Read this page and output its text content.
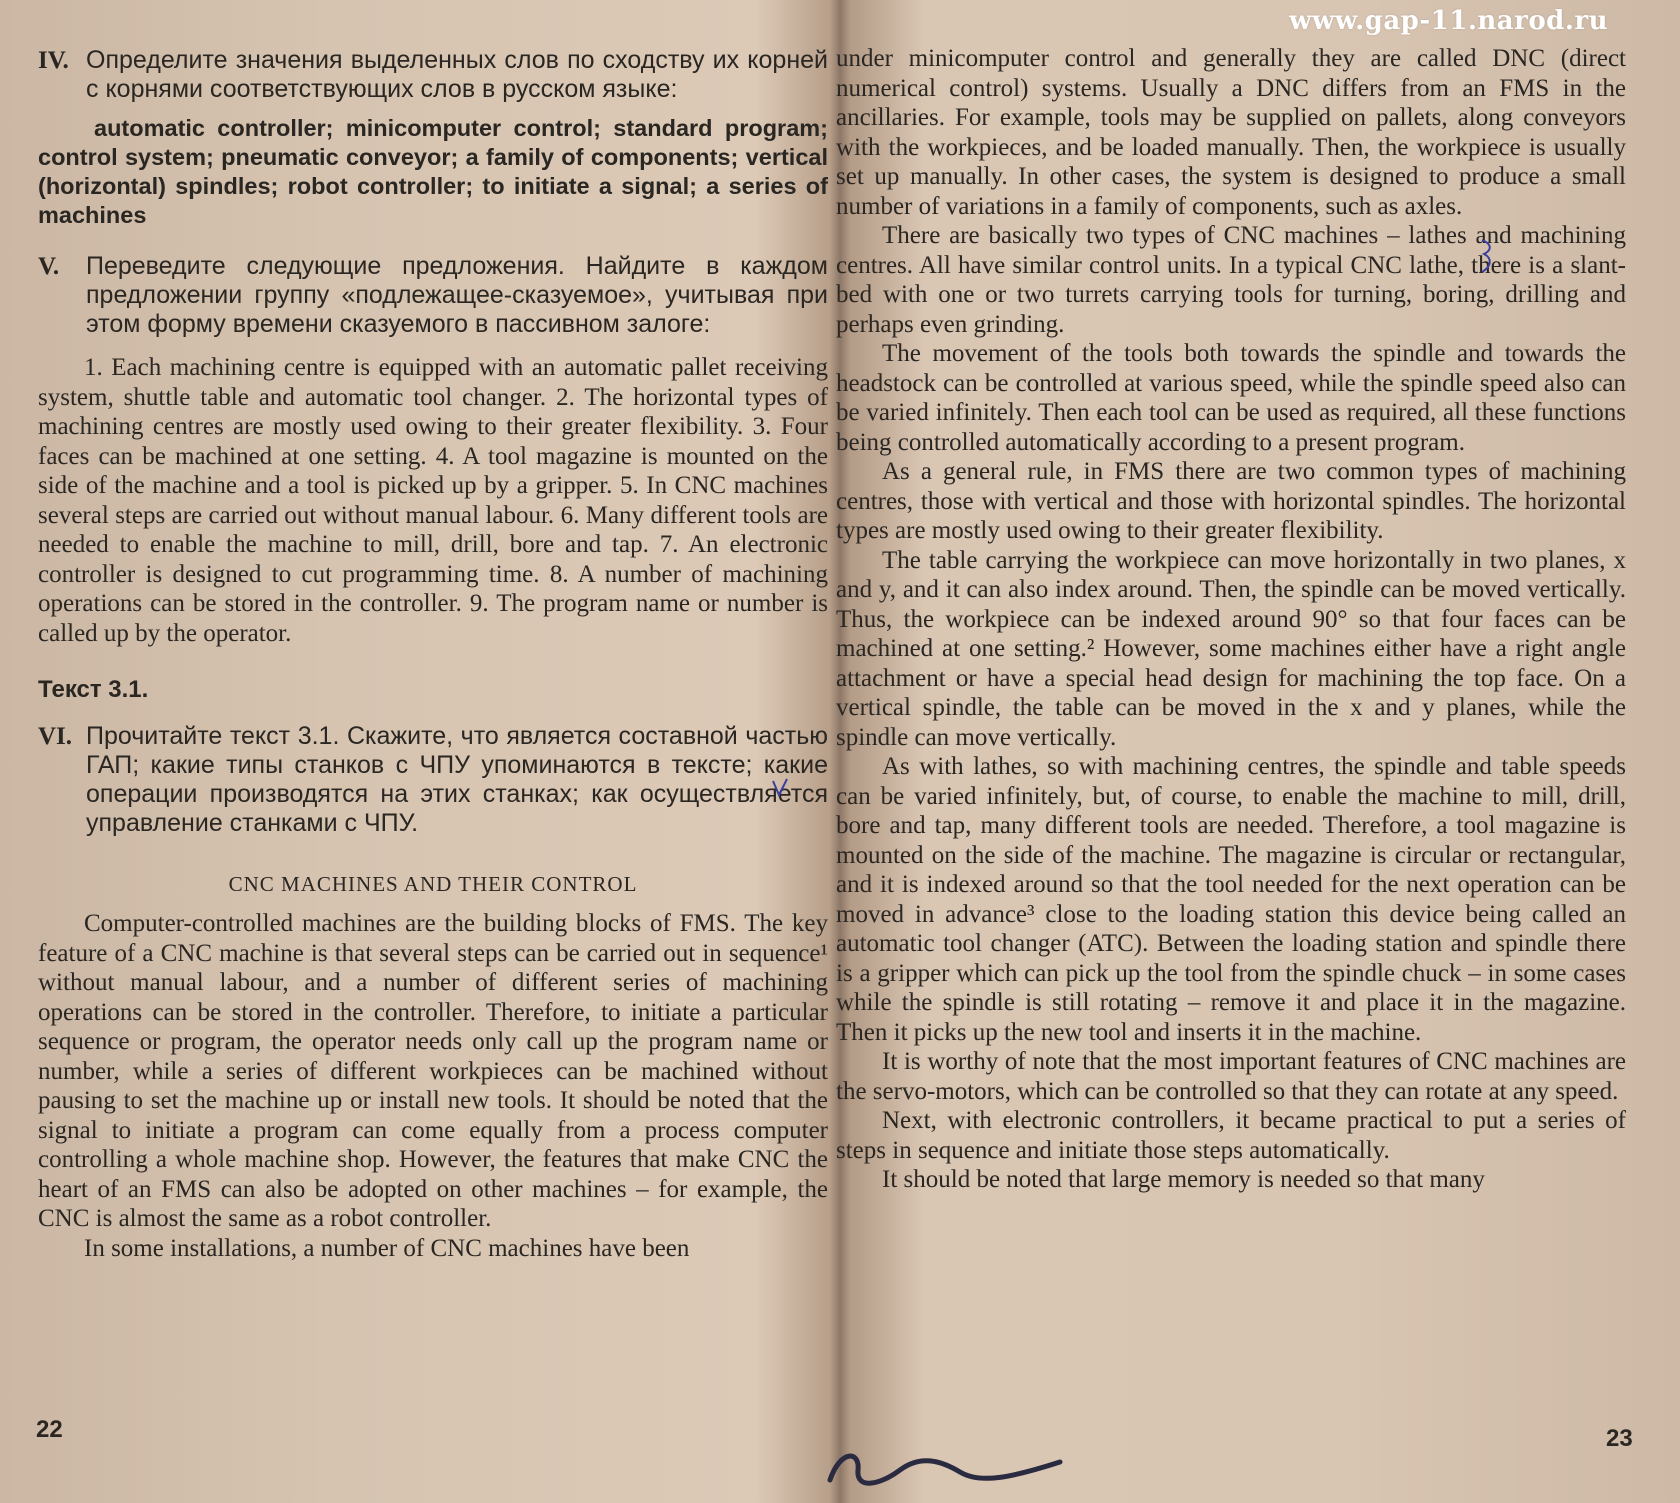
www.gap-11.narod.ru
IV. Определите значения выделенных слов по сходству их корней с корнями соответствующих слов в русском языке:

automatic controller; minicomputer control; standard program; control system; pneumatic conveyor; a family of components; vertical (horizontal) spindles; robot controller; to initiate a signal; a series of machines

V.	Переведите следующие предложения. Найдите в каждом предложении группу «подлежащее-сказуемое», учитывая при этом форму времени сказуемого в пассивном залоге:

1. Each machining centre is equipped with an automatic pallet receiving system, shuttle table and automatic tool changer. 2. The horizontal types of machining centres are mostly used owing to their greater flexibility. 3. Four faces can be machined at one setting. 4. A tool magazine is mounted on the side of the machine and a tool is picked up by a gripper. 5. In CNC machines several steps are carried out without manual labour. 6. Many different tools are needed to enable the machine to mill, drill, bore and tap. 7. An electronic controller is designed to cut programming time. 8. A number of machining operations can be stored in the controller. 9. The program name or number is called up by the operator.

Текст 3.1.

VI. Прочитайте текст 3.1. Скажите, что является составной частью ГАП; какие типы станков с ЧПУ упоминаются в тексте; какие операции производятся на этих станках; как осуществляется управление станками с ЧПУ.

CNC MACHINES AND THEIR CONTROL

Computer-controlled machines are the building blocks of FMS. The key feature of a CNC machine is that several steps can be carried out in sequence¹ without manual labour, and a number of different series of machining operations can be stored in the controller. Therefore, to initiate a particular sequence or program, the operator needs only call up the program name or number, while a series of different workpieces can be machined without pausing to set the machine up or install new tools. It should be noted that the signal to initiate a program can come equally from a process computer controlling a whole machine shop. However, the features that make CNC the heart of an FMS can also be adopted on other machines – for example, the CNC is almost the same as a robot controller.

In some installations, a number of CNC machines have been

22

under minicomputer control and generally they are called DNC (direct numerical control) systems. Usually a DNC differs from an FMS in the ancillaries. For example, tools may be supplied on pallets, along conveyors with the workpieces, and be loaded manually. Then, the workpiece is usually set up manually. In other cases, the system is designed to produce a small number of variations in a family of components, such as axles.

There are basically two types of CNC machines – lathes and machining centres. All have similar control units. In a typical CNC lathe, there is a slant-bed with one or two turrets carrying tools for turning, boring, drilling and perhaps even grinding.

The movement of the tools both towards the spindle and towards the headstock can be controlled at various speed, while the spindle speed also can be varied infinitely. Then each tool can be used as required, all these functions being controlled automatically according to a present program.

As a general rule, in FMS there are two common types of machining centres, those with vertical and those with horizontal spindles. The horizontal types are mostly used owing to their greater flexibility.

The table carrying the workpiece can move horizontally in two planes, x and y, and it can also index around. Then, the spindle can be moved vertically. Thus, the workpiece can be indexed around 90° so that four faces can be machined at one setting.² However, some machines either have a right angle attachment or have a special head design for machining the top face. On a vertical spindle, the table can be moved in the x and y planes, while the spindle can move vertically.

As with lathes, so with machining centres, the spindle and table speeds can be varied infinitely, but, of course, to enable the machine to mill, drill, bore and tap, many different tools are needed. Therefore, a tool magazine is mounted on the side of the machine. The magazine is circular or rectangular, and it is indexed around so that the tool needed for the next operation can be moved in advance³ close to the loading station this device being called an automatic tool changer (ATC). Between the loading station and spindle there is a gripper which can pick up the tool from the spindle chuck – in some cases while the spindle is still rotating – remove it and place it in the magazine. Then it picks up the new tool and inserts it in the machine.

It is worthy of note that the most important features of CNC machines are the servo-motors, which can be controlled so that they can rotate at any speed.

Next, with electronic controllers, it became practical to put a series of steps in sequence and initiate those steps automatically.

It should be noted that large memory is needed so that many

23
